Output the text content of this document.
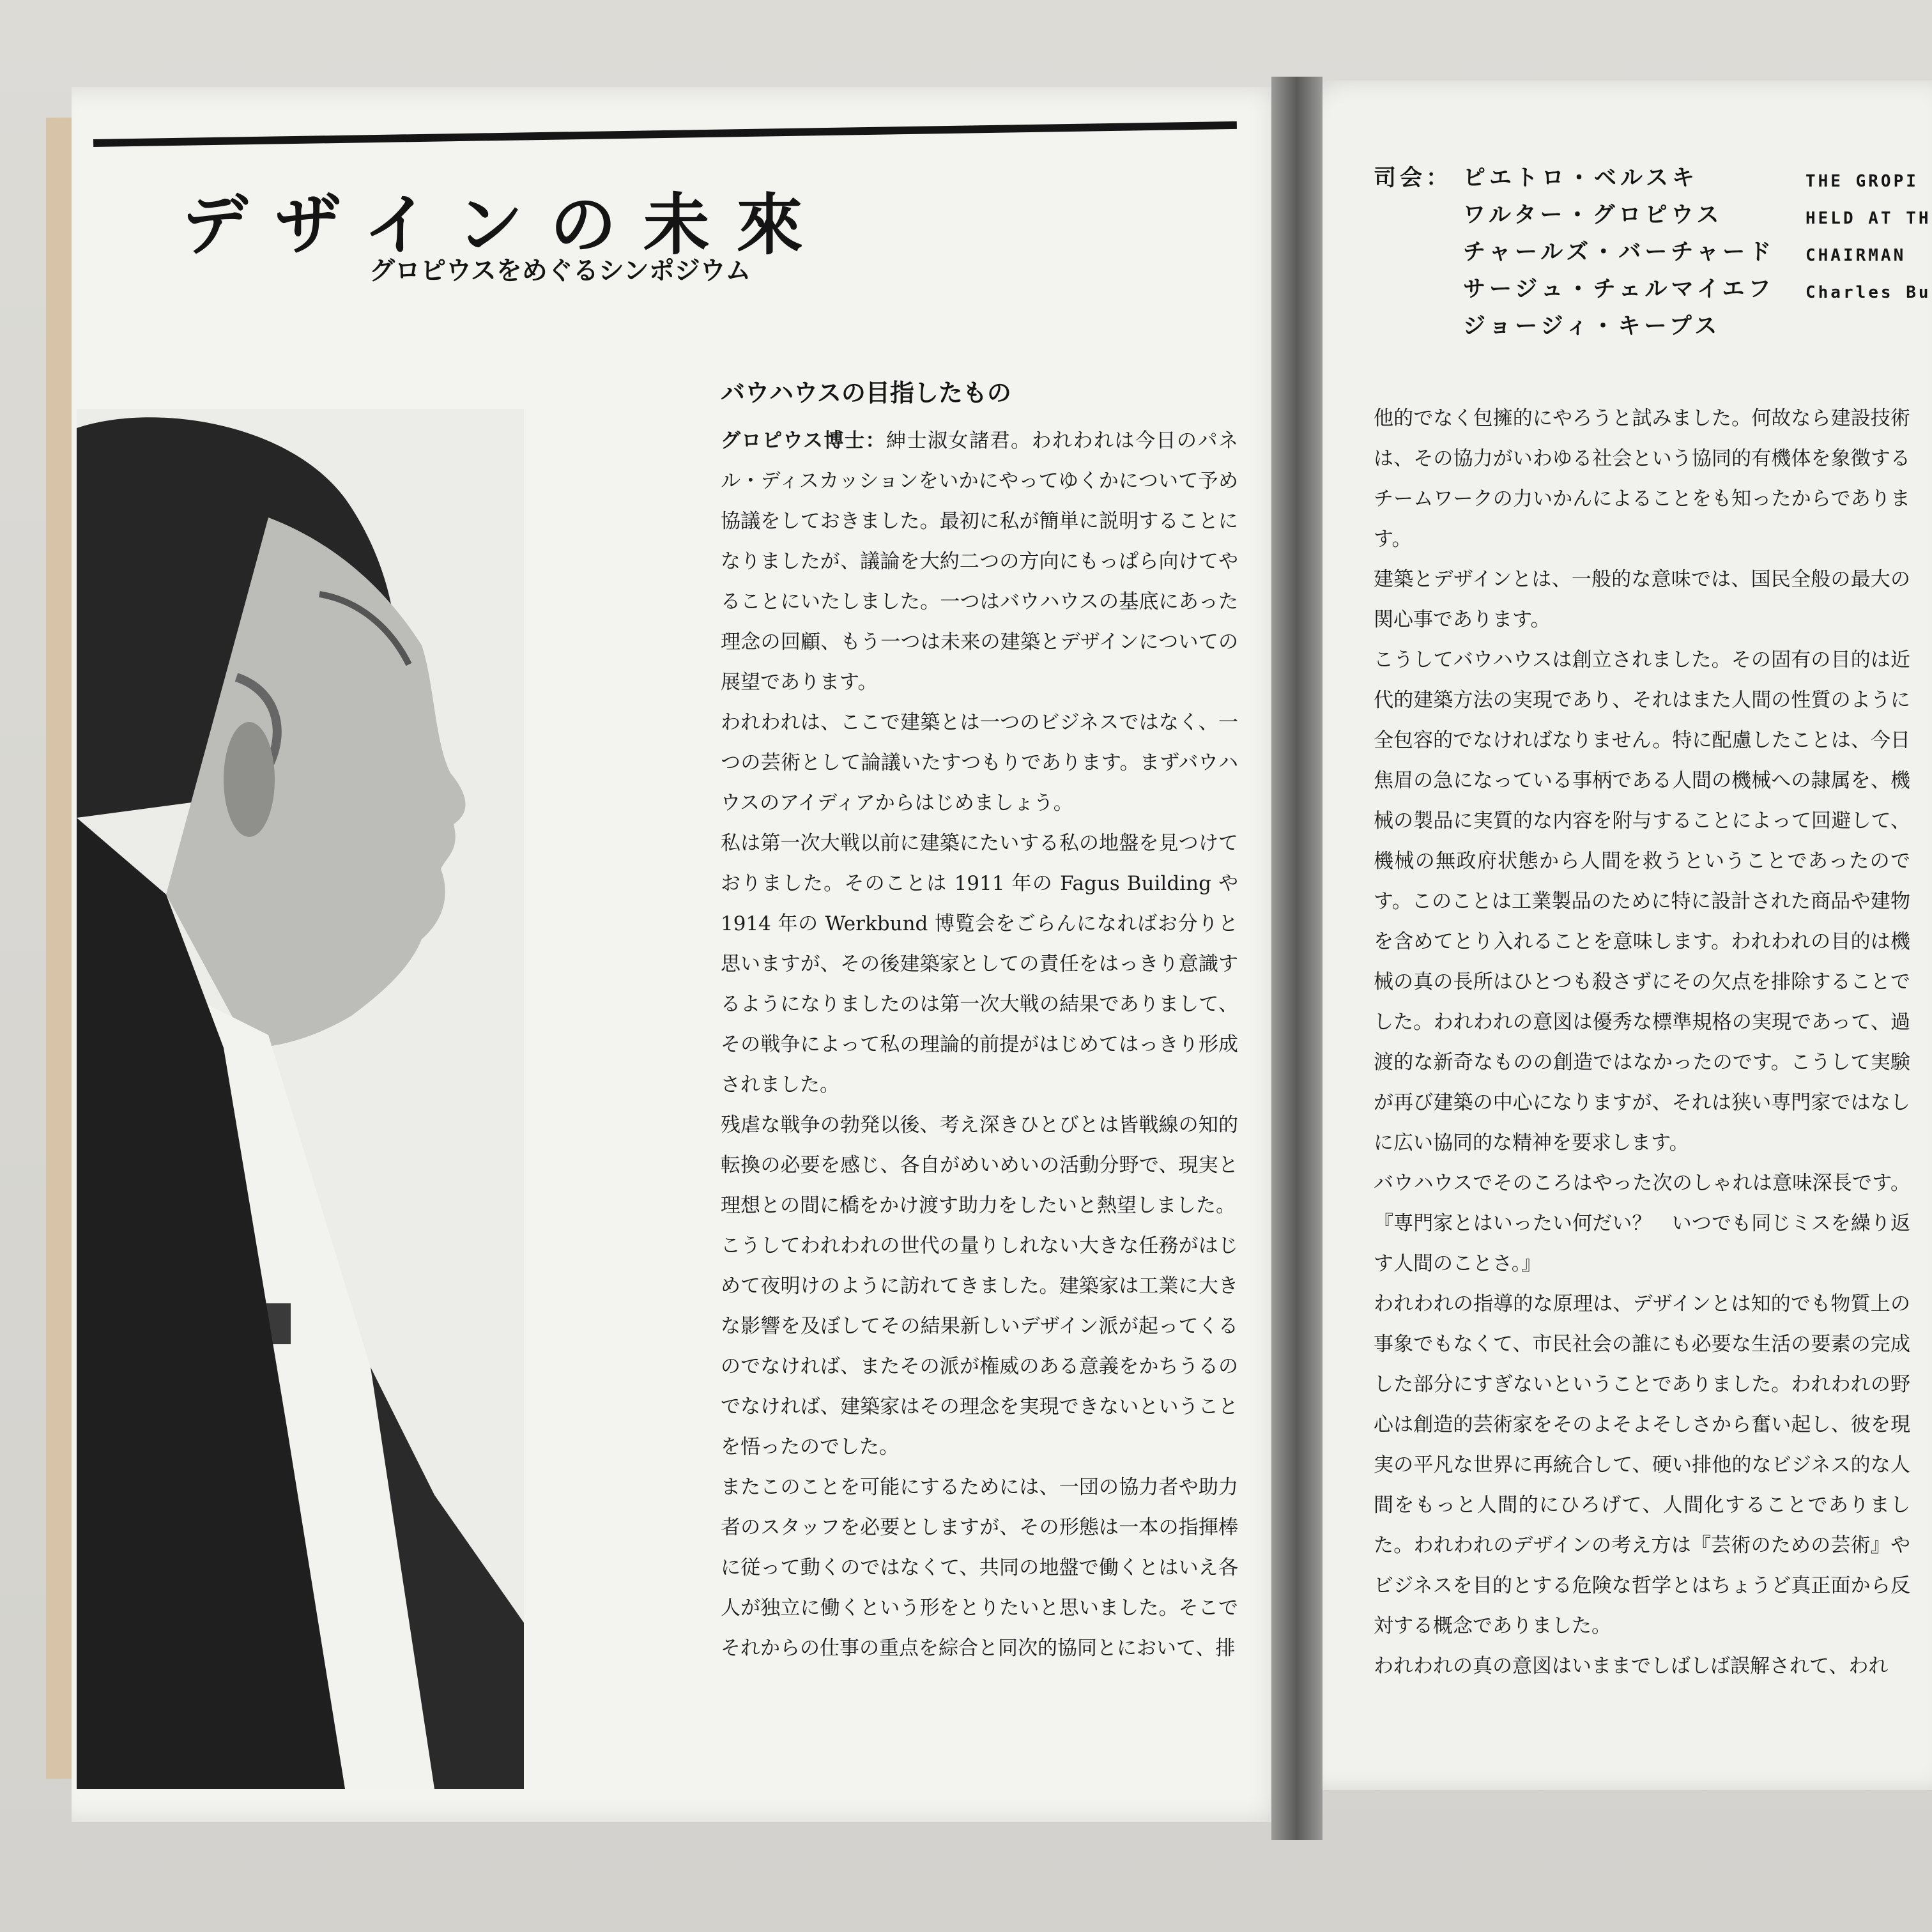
デザインの未來
グロピウスをめぐるシンポジウム
バウハウスの目指したもの

グロピウス博士：紳士淑女諸君。われわれは今日のパネル・ディスカッションをいかにやってゆくかについて予め協議をしておきました。最初に私が簡単に説明することになりましたが、議論を大約二つの方向にもっぱら向けてやることにいたしました。一つはバウハウスの基底にあった理念の回顧、もう一つは未来の建築とデザインについての展望であります。

われわれは、ここで建築とは一つのビジネスではなく、一つの芸術として論議いたすつもりであります。まずバウハウスのアイディアからはじめましょう。

私は第一次大戦以前に建築にたいする私の地盤を見つけておりました。そのことは 1911 年の Fagus Building や 1914 年の Werkbund 博覧会をごらんになればお分りと思いますが、その後建築家としての責任をはっきり意識するようになりましたのは第一次大戦の結果でありまして、その戦争によって私の理論的前提がはじめてはっきり形成されました。

残虐な戦争の勃発以後、考え深きひとびとは皆戦線の知的転換の必要を感じ、各自がめいめいの活動分野で、現実と理想との間に橋をかけ渡す助力をしたいと熱望しました。

こうしてわれわれの世代の量りしれない大きな任務がはじめて夜明けのように訪れてきました。建築家は工業に大きな影響を及ぼしてその結果新しいデザイン派が起ってくるのでなければ、またその派が権威のある意義をかちうるのでなければ、建築家はその理念を実現できないということを悟ったのでした。

またこのことを可能にするためには、一団の協力者や助力者のスタッフを必要としますが、その形態は一本の指揮棒に従って動くのではなくて、共同の地盤で働くとはいえ各人が独立に働くという形をとりたいと思いました。そこでそれからの仕事の重点を綜合と同次的協同とにおいて、排

司会： ピエトロ・ベルスキ
ワルター・グロピウス
チャールズ・バーチャード
サージュ・チェルマイエフ
ジョージィ・キープス
THE GROPI
HELD AT TH
CHAIRMAN
Charles Bu

他的でなく包擁的にやろうと試みました。何故なら建設技術は、その協力がいわゆる社会という協同的有機体を象徴するチームワークの力いかんによることをも知ったからであります。

建築とデザインとは、一般的な意味では、国民全般の最大の関心事であります。

こうしてバウハウスは創立されました。その固有の目的は近代的建築方法の実現であり、それはまた人間の性質のように全包容的でなければなりません。特に配慮したことは、今日焦眉の急になっている事柄である人間の機械への隷属を、機械の製品に実質的な内容を附与することによって回避して、機械の無政府状態から人間を救うということであったのです。このことは工業製品のために特に設計された商品や建物を含めてとり入れることを意味します。われわれの目的は機械の真の長所はひとつも殺さずにその欠点を排除することでした。われわれの意図は優秀な標準規格の実現であって、過渡的な新奇なものの創造ではなかったのです。こうして実験が再び建築の中心になりますが、それは狭い専門家ではなしに広い協同的な精神を要求します。

バウハウスでそのころはやった次のしゃれは意味深長です。『専門家とはいったい何だい？　いつでも同じミスを繰り返す人間のことさ。』

われわれの指導的な原理は、デザインとは知的でも物質上の事象でもなくて、市民社会の誰にも必要な生活の要素の完成した部分にすぎないということでありました。われわれの野心は創造的芸術家をそのよそよそしさから奮い起し、彼を現実の平凡な世界に再統合して、硬い排他的なビジネス的な人間をもっと人間的にひろげて、人間化することでありました。われわれのデザインの考え方は『芸術のための芸術』やビジネスを目的とする危険な哲学とはちょうど真正面から反対する概念でありました。

われわれの真の意図はいままでしばしば誤解されて、われ
